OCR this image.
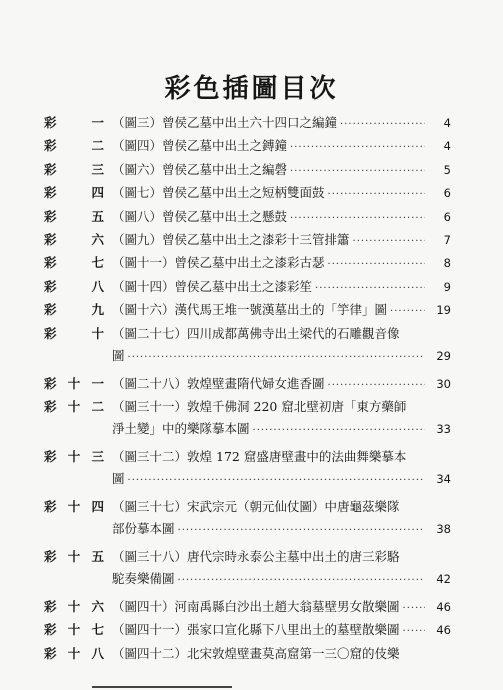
彩色插圖目次
彩	一 （圖三） 曾侯乙墓中出土六十四口之編鐘 ·····	4
彩	二 （圖四） 曾侯乙墓中出土之鎛鐘 ·····	4
彩	三 （圖六） 曾侯乙墓中出土之編磬 ·····	5
彩	四 （圖七） 曾侯乙墓中出土之短柄雙面鼓 ·····	6
彩	五 （圖八） 曾侯乙墓中出土之懸鼓 ·····	6
彩	六 （圖九） 曾侯乙墓中出土之漆彩十三管排簫 ·····	7
彩	七 （圖十一） 曾侯乙墓中出土之漆彩古瑟 ·····	8
彩	八 （圖十四） 曾侯乙墓中出土之漆彩笙 ·····	9
彩	九 （圖十六） 漢代馬王堆一號漢墓出土的「竽律」圖 ·····	19
彩	十 （圖二十七） 四川成都萬佛寺出土梁代的石雕觀音像
圖 ·····	29
彩 十 一 （圖二十八） 敦煌壁畫隋代婦女進香圖 ·····	30
彩 十 二 （圖三十一） 敦煌千佛洞 220 窟北壁初唐「東方藥師
淨土變」中的樂隊摹本圖 ·····	33
彩 十 三 （圖三十二） 敦煌 172 窟盛唐壁畫中的法曲舞樂摹本
圖 ·····	34
彩 十 四 （圖三十七） 宋武宗元（朝元仙仗圖）中唐龜茲樂隊
部份摹本圖 ·····	38
彩 十 五 （圖三十八） 唐代宗時永泰公主墓中出土的唐三彩駱
駝奏樂備圖 ·····	42
彩 十 六 （圖四十） 河南禹縣白沙出土趙大翁墓壁男女散樂圖 ·····	46
彩 十 七 （圖四十一） 張家口宣化縣下八里出土的墓壁散樂圖 ·····	46
彩 十 八 （圖四十二） 北宋敦煌壁畫莫高窟第一三〇窟的伎樂
